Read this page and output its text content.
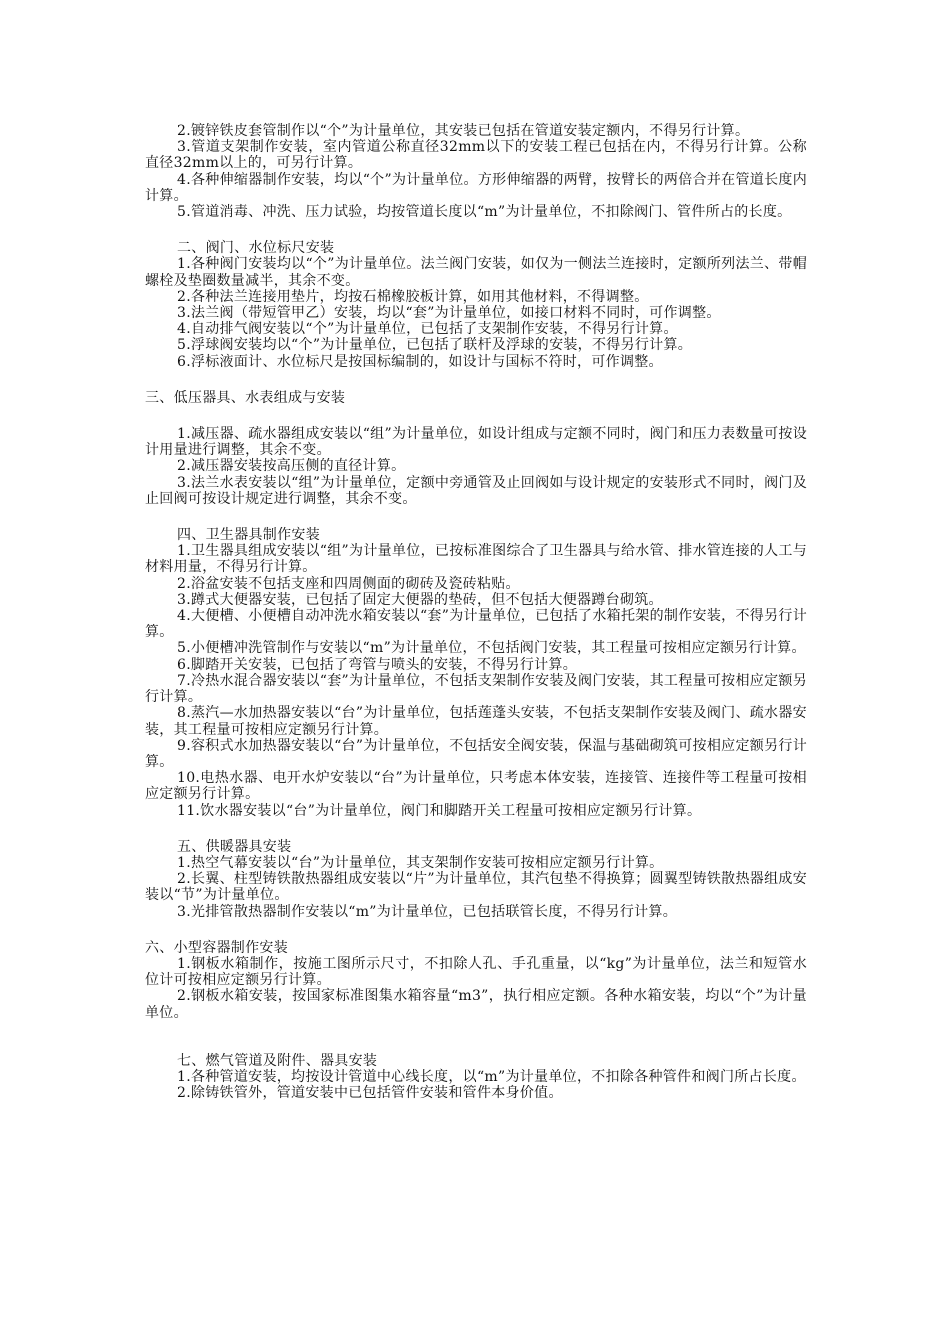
2.镀锌铁皮套管制作以“个”为计量单位，其安装已包括在管道安装定额内，不得另行计算。
3.管道支架制作安装，室内管道公称直径32mm以下的安装工程已包括在内，不得另行计算。公称直径32mm以上的，可另行计算。
4.各种伸缩器制作安装，均以“个”为计量单位。方形伸缩器的两臂，按臂长的两倍合并在管道长度内计算。
5.管道消毒、冲洗、压力试验，均按管道长度以“m”为计量单位，不扣除阀门、管件所占的长度。
二、阀门、水位标尺安装
1.各种阀门安装均以“个”为计量单位。法兰阀门安装，如仅为一侧法兰连接时，定额所列法兰、带帽螺栓及垫圈数量减半，其余不变。
2.各种法兰连接用垫片，均按石棉橡胶板计算，如用其他材料，不得调整。
3.法兰阀（带短管甲乙）安装，均以“套”为计量单位，如接口材料不同时，可作调整。
4.自动排气阀安装以“个”为计量单位，已包括了支架制作安装，不得另行计算。
5.浮球阀安装均以“个”为计量单位，已包括了联杆及浮球的安装，不得另行计算。
6.浮标液面计、水位标尺是按国标编制的，如设计与国标不符时，可作调整。
三、低压器具、水表组成与安装
1.减压器、疏水器组成安装以“组”为计量单位，如设计组成与定额不同时，阀门和压力表数量可按设计用量进行调整，其余不变。
2.减压器安装按高压侧的直径计算。
3.法兰水表安装以“组”为计量单位，定额中旁通管及止回阀如与设计规定的安装形式不同时，阀门及止回阀可按设计规定进行调整，其余不变。
四、卫生器具制作安装
1.卫生器具组成安装以“组”为计量单位，已按标准图综合了卫生器具与给水管、排水管连接的人工与材料用量，不得另行计算。
2.浴盆安装不包括支座和四周侧面的砌砖及瓷砖粘贴。
3.蹲式大便器安装，已包括了固定大便器的垫砖，但不包括大便器蹲台砌筑。
4.大便槽、小便槽自动冲洗水箱安装以“套”为计量单位，已包括了水箱托架的制作安装，不得另行计算。
5.小便槽冲洗管制作与安装以“m”为计量单位，不包括阀门安装，其工程量可按相应定额另行计算。
6.脚踏开关安装，已包括了弯管与喷头的安装，不得另行计算。
7.冷热水混合器安装以“套”为计量单位，不包括支架制作安装及阀门安装，其工程量可按相应定额另行计算。
8.蒸汽—水加热器安装以“台”为计量单位，包括莲蓬头安装，不包括支架制作安装及阀门、疏水器安装，其工程量可按相应定额另行计算。
9.容积式水加热器安装以“台”为计量单位，不包括安全阀安装，保温与基础砌筑可按相应定额另行计算。
10.电热水器、电开水炉安装以“台”为计量单位，只考虑本体安装，连接管、连接件等工程量可按相应定额另行计算。
11.饮水器安装以“台”为计量单位，阀门和脚踏开关工程量可按相应定额另行计算。
五、供暖器具安装
1.热空气幕安装以“台”为计量单位，其支架制作安装可按相应定额另行计算。
2.长翼、柱型铸铁散热器组成安装以“片”为计量单位，其汽包垫不得换算；圆翼型铸铁散热器组成安装以“节”为计量单位。
3.光排管散热器制作安装以“m”为计量单位，已包括联管长度，不得另行计算。
六、小型容器制作安装
1.钢板水箱制作，按施工图所示尺寸，不扣除人孔、手孔重量，以“kg”为计量单位，法兰和短管水位计可按相应定额另行计算。
2.钢板水箱安装，按国家标准图集水箱容量“m3”，执行相应定额。各种水箱安装，均以“个”为计量单位。
七、燃气管道及附件、器具安装
1.各种管道安装，均按设计管道中心线长度，以“m”为计量单位，不扣除各种管件和阀门所占长度。
2.除铸铁管外，管道安装中已包括管件安装和管件本身价值。
